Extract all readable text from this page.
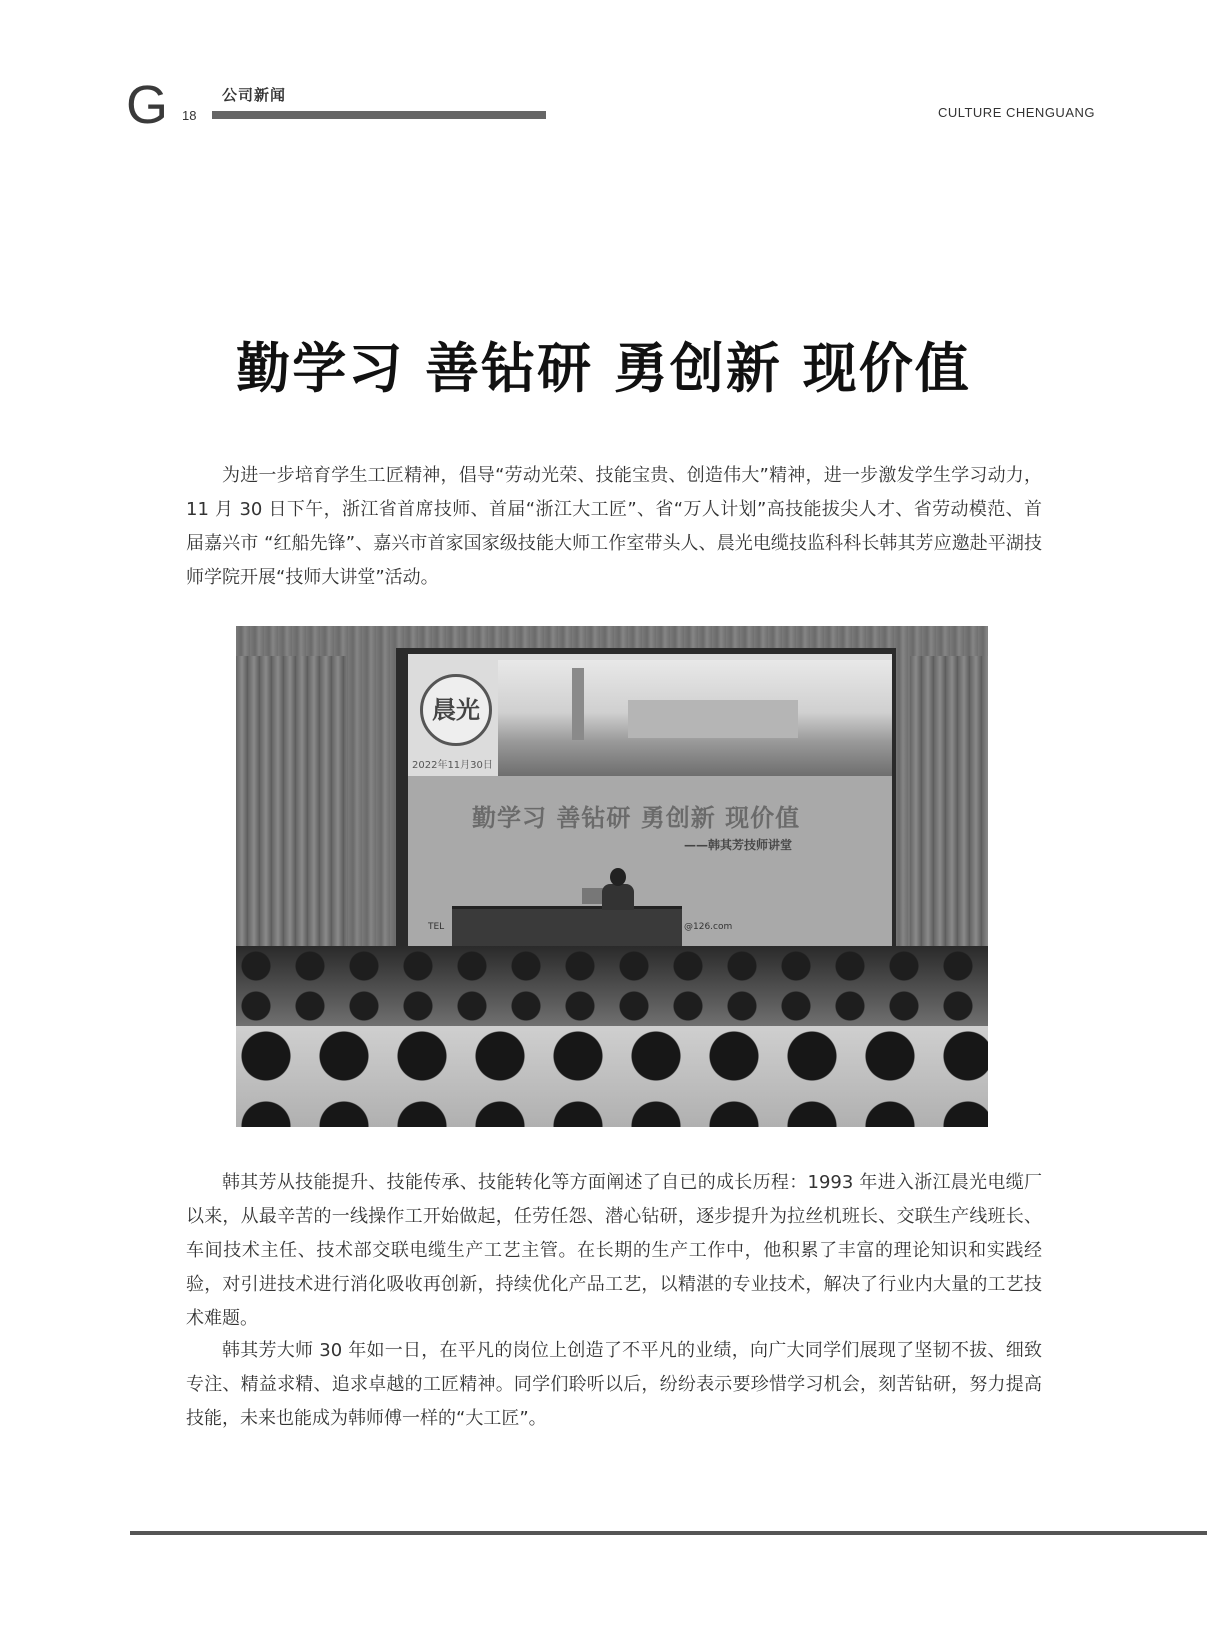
G 18
公司新闻
CULTURE CHENGUANG
勤学习 善钻研 勇创新 现价值

为进一步培育学生工匠精神，倡导“劳动光荣、技能宝贵、创造伟大”精神，进一步激发学生学习动力，11 月 30 日下午，浙江省首席技师、首届“浙江大工匠”、省“万人计划”高技能拔尖人才、省劳动模范、首届嘉兴市 “红船先锋”、嘉兴市首家国家级技能大师工作室带头人、晨光电缆技监科科长韩其芳应邀赴平湖技师学院开展“技师大讲堂”活动。

晨光
2022年11月30日
勤学习 善钻研 勇创新 现价值
——韩其芳技师讲堂
TEL	@126.com

韩其芳从技能提升、技能传承、技能转化等方面阐述了自已的成长历程：1993 年进入浙江晨光电缆厂以来，从最辛苦的一线操作工开始做起，任劳任怨、潜心钻研，逐步提升为拉丝机班长、交联生产线班长、车间技术主任、技术部交联电缆生产工艺主管。在长期的生产工作中，他积累了丰富的理论知识和实践经验，对引进技术进行消化吸收再创新，持续优化产品工艺，以精湛的专业技术，解决了行业内大量的工艺技术难题。

韩其芳大师 30 年如一日，在平凡的岗位上创造了不平凡的业绩，向广大同学们展现了坚韧不拔、细致专注、精益求精、追求卓越的工匠精神。同学们聆听以后，纷纷表示要珍惜学习机会，刻苦钻研，努力提高技能，未来也能成为韩师傅一样的“大工匠”。
